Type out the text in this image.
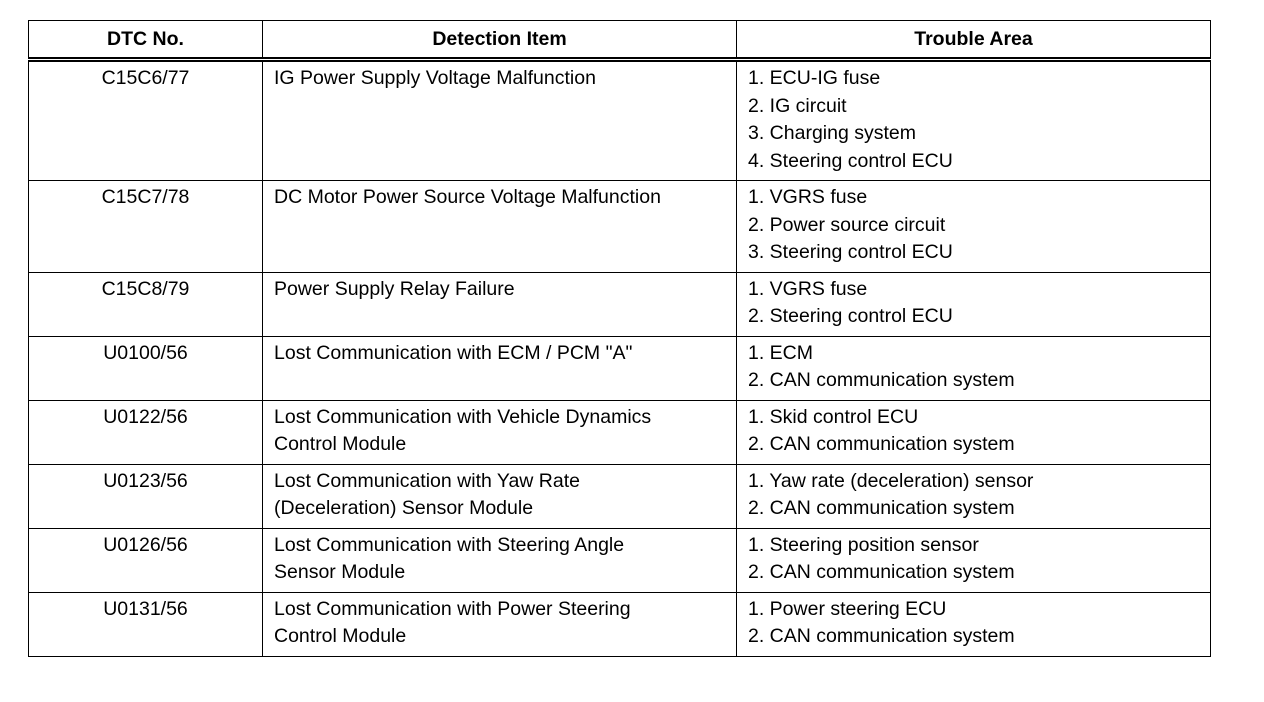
DTC No.	Detection Item	Trouble Area
C15C6/77	IG Power Supply Voltage Malfunction	1. ECU-IG fuse
2. IG circuit
3. Charging system
4. Steering control ECU

C15C7/78	DC Motor Power Source Voltage Malfunction	1. VGRS fuse
2. Power source circuit
3. Steering control ECU

C15C8/79	Power Supply Relay Failure	1. VGRS fuse
2. Steering control ECU

U0100/56	Lost Communication with ECM / PCM "A"	1. ECM
2. CAN communication system

U0122/56	Lost Communication with Vehicle Dynamics
Control Module	1. Skid control ECU
2. CAN communication system

U0123/56	Lost Communication with Yaw Rate
(Deceleration) Sensor Module	1. Yaw rate (deceleration) sensor
2. CAN communication system

U0126/56	Lost Communication with Steering Angle
Sensor Module	1. Steering position sensor
2. CAN communication system

U0131/56	Lost Communication with Power Steering
Control Module	1. Power steering ECU
2. CAN communication system
